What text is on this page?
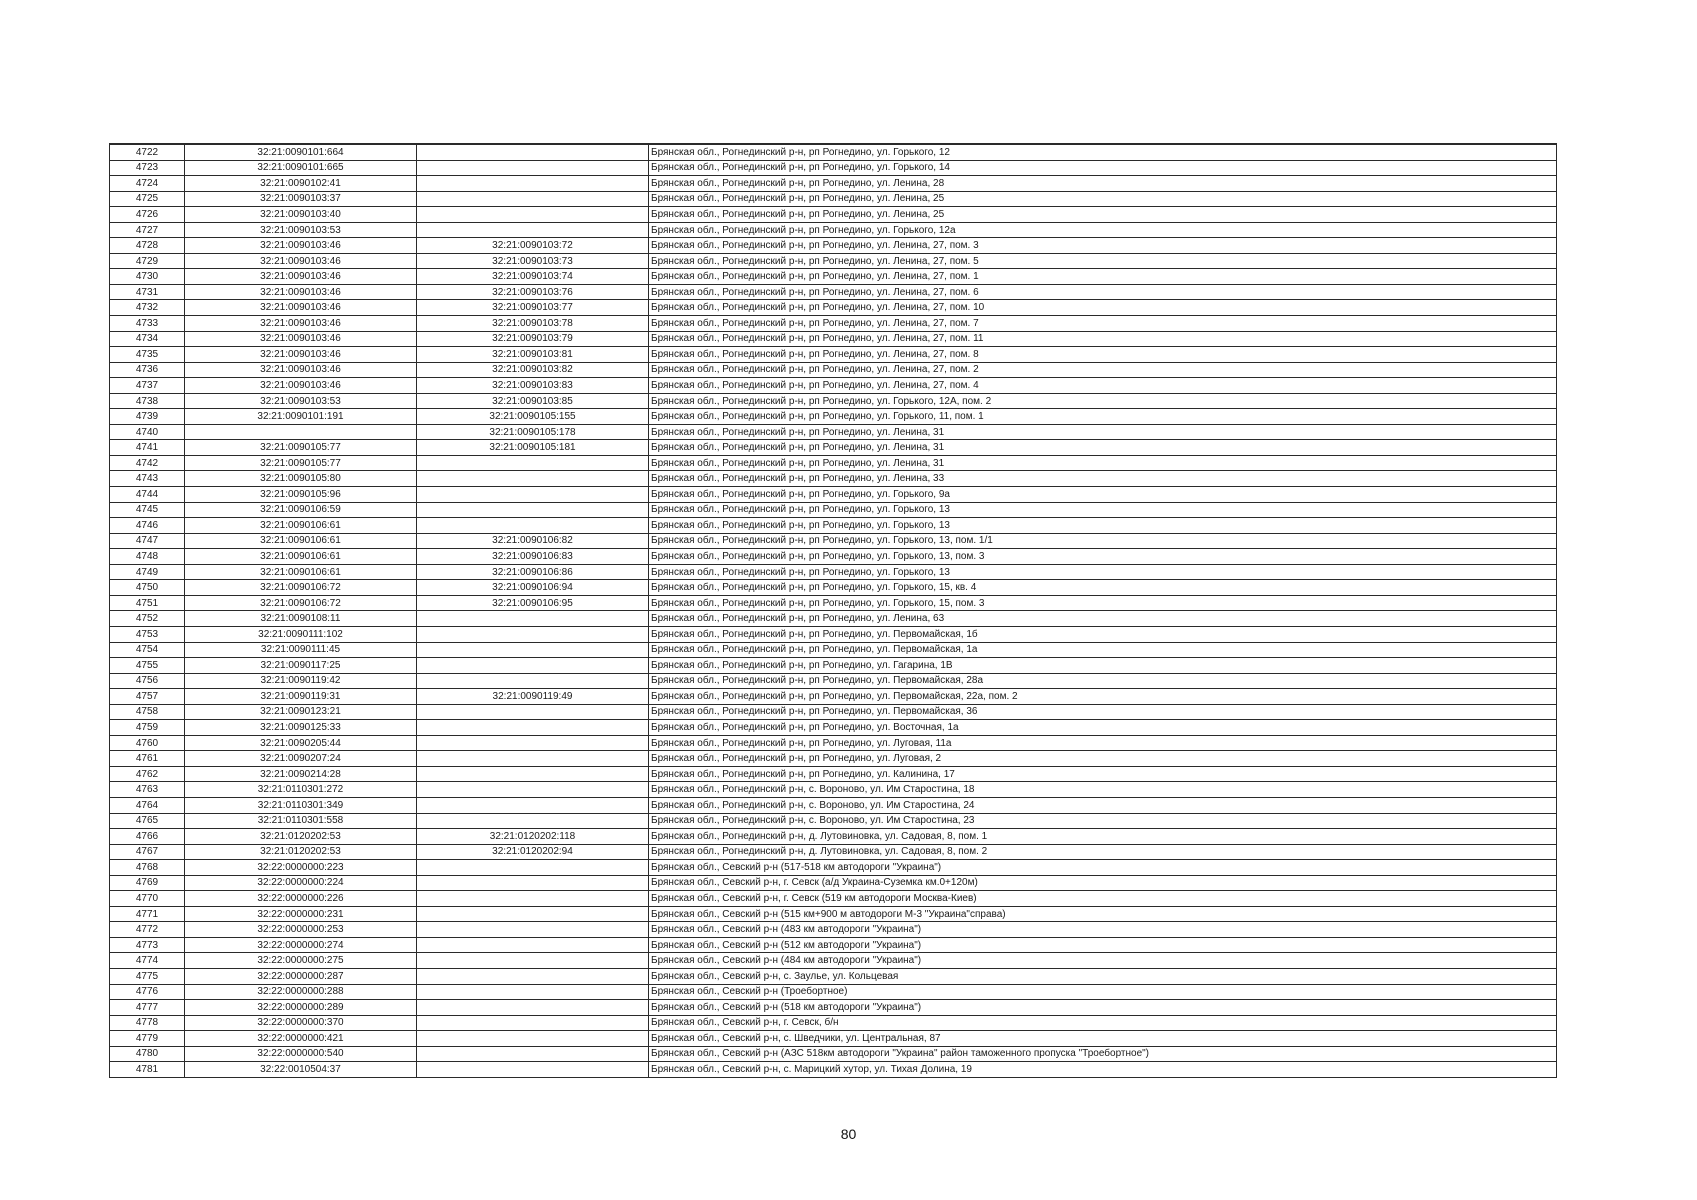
4722	32:21:0090101:664		Брянская обл., Рогнединский р-н, рп Рогнедино, ул. Горького, 12
4723	32:21:0090101:665		Брянская обл., Рогнединский р-н, рп Рогнедино, ул. Горького, 14
4724	32:21:0090102:41		Брянская обл., Рогнединский р-н, рп Рогнедино, ул. Ленина, 28
4725	32:21:0090103:37		Брянская обл., Рогнединский р-н, рп Рогнедино, ул. Ленина, 25
4726	32:21:0090103:40		Брянская обл., Рогнединский р-н, рп Рогнедино, ул. Ленина, 25
4727	32:21:0090103:53		Брянская обл., Рогнединский р-н, рп Рогнедино, ул. Горького, 12а
4728	32:21:0090103:46	32:21:0090103:72	Брянская обл., Рогнединский р-н, рп Рогнедино, ул. Ленина, 27, пом. 3
4729	32:21:0090103:46	32:21:0090103:73	Брянская обл., Рогнединский р-н, рп Рогнедино, ул. Ленина, 27, пом. 5
4730	32:21:0090103:46	32:21:0090103:74	Брянская обл., Рогнединский р-н, рп Рогнедино, ул. Ленина, 27, пом. 1
4731	32:21:0090103:46	32:21:0090103:76	Брянская обл., Рогнединский р-н, рп Рогнедино, ул. Ленина, 27, пом. 6
4732	32:21:0090103:46	32:21:0090103:77	Брянская обл., Рогнединский р-н, рп Рогнедино, ул. Ленина, 27, пом. 10
4733	32:21:0090103:46	32:21:0090103:78	Брянская обл., Рогнединский р-н, рп Рогнедино, ул. Ленина, 27, пом. 7
4734	32:21:0090103:46	32:21:0090103:79	Брянская обл., Рогнединский р-н, рп Рогнедино, ул. Ленина, 27, пом. 11
4735	32:21:0090103:46	32:21:0090103:81	Брянская обл., Рогнединский р-н, рп Рогнедино, ул. Ленина, 27, пом. 8
4736	32:21:0090103:46	32:21:0090103:82	Брянская обл., Рогнединский р-н, рп Рогнедино, ул. Ленина, 27, пом. 2
4737	32:21:0090103:46	32:21:0090103:83	Брянская обл., Рогнединский р-н, рп Рогнедино, ул. Ленина, 27, пом. 4
4738	32:21:0090103:53	32:21:0090103:85	Брянская обл., Рогнединский р-н, рп Рогнедино, ул. Горького, 12А, пом. 2
4739	32:21:0090101:191	32:21:0090105:155	Брянская обл., Рогнединский р-н, рп Рогнедино, ул. Горького, 11, пом. 1
4740		32:21:0090105:178	Брянская обл., Рогнединский р-н, рп Рогнедино, ул. Ленина, 31
4741	32:21:0090105:77	32:21:0090105:181	Брянская обл., Рогнединский р-н, рп Рогнедино, ул. Ленина, 31
4742	32:21:0090105:77		Брянская обл., Рогнединский р-н, рп Рогнедино, ул. Ленина, 31
4743	32:21:0090105:80		Брянская обл., Рогнединский р-н, рп Рогнедино, ул. Ленина, 33
4744	32:21:0090105:96		Брянская обл., Рогнединский р-н, рп Рогнедино, ул. Горького, 9а
4745	32:21:0090106:59		Брянская обл., Рогнединский р-н, рп Рогнедино, ул. Горького, 13
4746	32:21:0090106:61		Брянская обл., Рогнединский р-н, рп Рогнедино, ул. Горького, 13
4747	32:21:0090106:61	32:21:0090106:82	Брянская обл., Рогнединский р-н, рп Рогнедино, ул. Горького, 13, пом. 1/1
4748	32:21:0090106:61	32:21:0090106:83	Брянская обл., Рогнединский р-н, рп Рогнедино, ул. Горького, 13, пом. 3
4749	32:21:0090106:61	32:21:0090106:86	Брянская обл., Рогнединский р-н, рп Рогнедино, ул. Горького, 13
4750	32:21:0090106:72	32:21:0090106:94	Брянская обл., Рогнединский р-н, рп Рогнедино, ул. Горького, 15, кв. 4
4751	32:21:0090106:72	32:21:0090106:95	Брянская обл., Рогнединский р-н, рп Рогнедино, ул. Горького, 15, пом. 3
4752	32:21:0090108:11		Брянская обл., Рогнединский р-н, рп Рогнедино, ул. Ленина, 63
4753	32:21:0090111:102		Брянская обл., Рогнединский р-н, рп Рогнедино, ул. Первомайская, 1б
4754	32:21:0090111:45		Брянская обл., Рогнединский р-н, рп Рогнедино, ул. Первомайская, 1а
4755	32:21:0090117:25		Брянская обл., Рогнединский р-н, рп Рогнедино, ул. Гагарина, 1В
4756	32:21:0090119:42		Брянская обл., Рогнединский р-н, рп Рогнедино, ул. Первомайская, 28а
4757	32:21:0090119:31	32:21:0090119:49	Брянская обл., Рогнединский р-н, рп Рогнедино, ул. Первомайская, 22а, пом. 2
4758	32:21:0090123:21		Брянская обл., Рогнединский р-н, рп Рогнедино, ул. Первомайская, 36
4759	32:21:0090125:33		Брянская обл., Рогнединский р-н, рп Рогнедино, ул. Восточная, 1а
4760	32:21:0090205:44		Брянская обл., Рогнединский р-н, рп Рогнедино, ул. Луговая, 11а
4761	32:21:0090207:24		Брянская обл., Рогнединский р-н, рп Рогнедино, ул. Луговая, 2
4762	32:21:0090214:28		Брянская обл., Рогнединский р-н, рп Рогнедино, ул. Калинина, 17
4763	32:21:0110301:272		Брянская обл., Рогнединский р-н, с. Вороново, ул. Им Старостина, 18
4764	32:21:0110301:349		Брянская обл., Рогнединский р-н, с. Вороново, ул. Им Старостина, 24
4765	32:21:0110301:558		Брянская обл., Рогнединский р-н, с. Вороново, ул. Им Старостина, 23
4766	32:21:0120202:53	32:21:0120202:118	Брянская обл., Рогнединский р-н, д. Лутовиновка, ул. Садовая, 8, пом. 1
4767	32:21:0120202:53	32:21:0120202:94	Брянская обл., Рогнединский р-н, д. Лутовиновка, ул. Садовая, 8, пом. 2
4768	32:22:0000000:223		Брянская обл., Севский р-н (517-518 км автодороги "Украина")
4769	32:22:0000000:224		Брянская обл., Севский р-н, г. Севск (а/д Украина-Суземка км.0+120м)
4770	32:22:0000000:226		Брянская обл., Севский р-н, г. Севск (519 км автодороги Москва-Киев)
4771	32:22:0000000:231		Брянская обл., Севский р-н (515 км+900 м автодороги М-3 "Украина"справа)
4772	32:22:0000000:253		Брянская обл., Севский р-н (483 км автодороги "Украина")
4773	32:22:0000000:274		Брянская обл., Севский р-н (512 км автодороги "Украина")
4774	32:22:0000000:275		Брянская обл., Севский р-н (484 км автодороги "Украина")
4775	32:22:0000000:287		Брянская обл., Севский р-н, с. Заулье, ул. Кольцевая
4776	32:22:0000000:288		Брянская обл., Севский р-н (Троебортное)
4777	32:22:0000000:289		Брянская обл., Севский р-н (518 км автодороги "Украина")
4778	32:22:0000000:370		Брянская обл., Севский р-н, г. Севск, б/н
4779	32:22:0000000:421		Брянская обл., Севский р-н, с. Шведчики, ул. Центральная, 87
4780	32:22:0000000:540		Брянская обл., Севский р-н (АЗС 518км автодороги "Украина" район таможенного пропуска "Троебортное")
4781	32:22:0010504:37		Брянская обл., Севский р-н, с. Марицкий хутор, ул. Тихая Долина, 19
80
